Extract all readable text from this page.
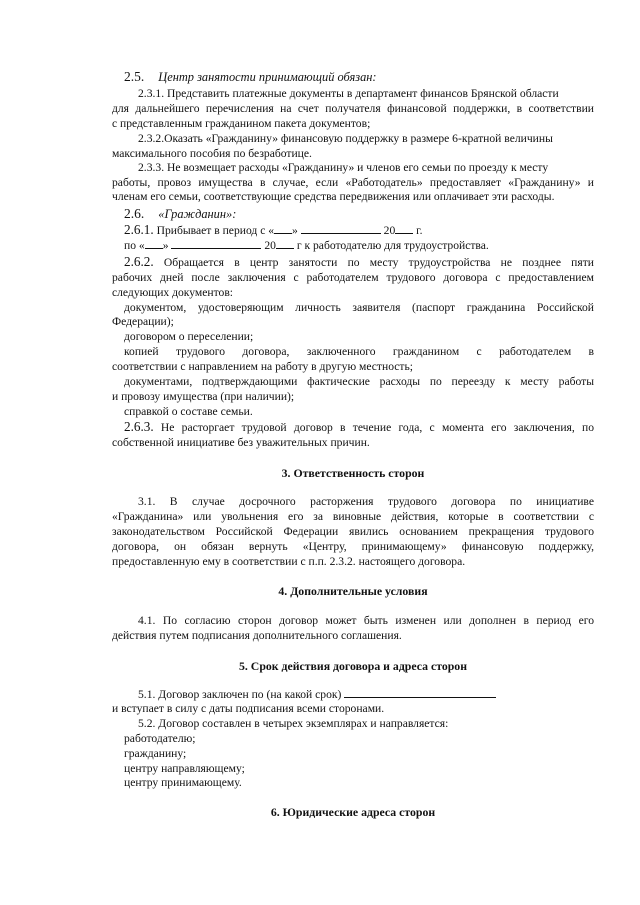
2.5. Центр занятости принимающий обязан:
2.3.1. Представить платежные документы в департамент финансов Брянской области
для дальнейшего перечисления на счет получателя финансовой поддержки, в соответствии
с представленным гражданином пакета документов;
2.3.2.Оказать «Гражданину» финансовую поддержку в размере 6-кратной величины
максимального пособия по безработице.
2.3.3. Не возмещает расходы «Гражданину» и членов его семьи по проезду к месту
работы, провоз имущества в случае, если «Работодатель» предоставляет «Гражданину» и
членам его семьи, соответствующие средства передвижения или оплачивает эти расходы.
2.6. «Гражданин»:
2.6.1. Прибывает в период с « »	20 г.
по « »	20 г к работодателю для трудоустройства.
2.6.2. Обращается в центр занятости по месту трудоустройства не позднее пяти
рабочих дней после заключения с работодателем трудового договора с предоставлением
следующих документов:
документом, удостоверяющим личность заявителя (паспорт гражданина Российской
Федерации);
договором о переселении;
копией трудового договора, заключенного гражданином с работодателем в
соответствии с направлением на работу в другую местность;
документами, подтверждающими фактические расходы по переезду к месту работы
и провозу имущества (при наличии);
справкой о составе семьи.
2.6.3. Не расторгает трудовой договор в течение года, с момента его заключения, по
собственной инициативе без уважительных причин.
3. Ответственность сторон
3.1. В случае досрочного расторжения трудового договора по инициативе
«Гражданина» или увольнения его за виновные действия, которые в соответствии с
законодательством Российской Федерации явились основанием прекращения трудового
договора, он обязан вернуть «Центру, принимающему» финансовую поддержку,
предоставленную ему в соответствии с п.п. 2.3.2. настоящего договора.
4. Дополнительные условия
4.1. По согласию сторон договор может быть изменен или дополнен в период его
действия путем подписания дополнительного соглашения.
5. Срок действия договора и адреса сторон
5.1. Договор заключен по (на какой срок)
и вступает в силу с даты подписания всеми сторонами.
5.2. Договор составлен в четырех экземплярах и направляется:
работодателю;
гражданину;
центру направляющему;
центру принимающему.
6. Юридические адреса сторон
